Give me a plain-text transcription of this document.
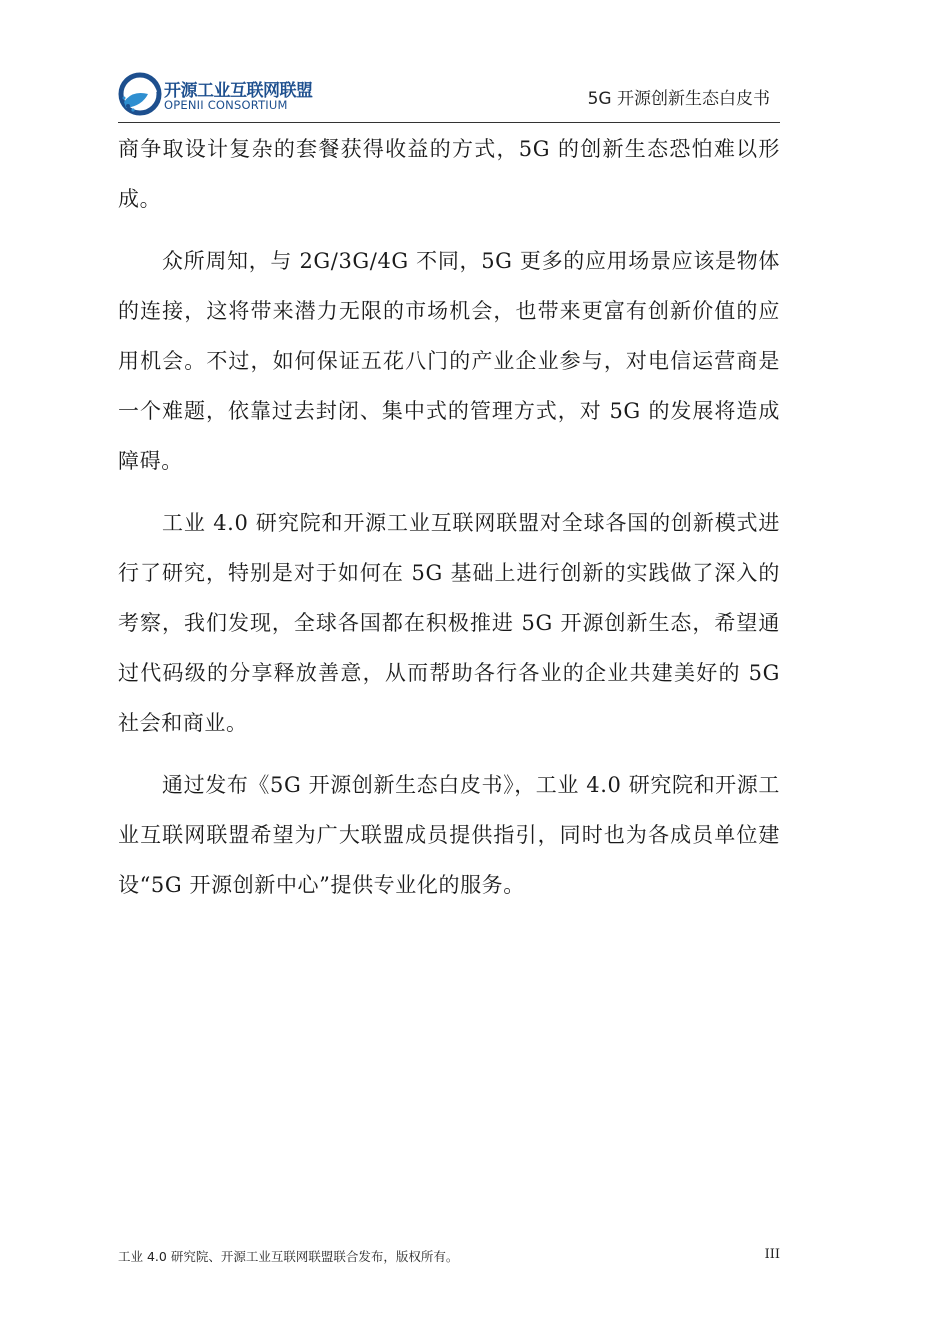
开源工业互联网联盟
OPENII CONSORTIUM	5G 开源创新生态白皮书

商争取设计复杂的套餐获得收益的方式，5G 的创新生态恐怕难以形成。

众所周知，与 2G/3G/4G 不同，5G 更多的应用场景应该是物体的连接，这将带来潜力无限的市场机会，也带来更富有创新价值的应用机会。不过，如何保证五花八门的产业企业参与，对电信运营商是一个难题，依靠过去封闭、集中式的管理方式，对 5G 的发展将造成障碍。

工业 4.0 研究院和开源工业互联网联盟对全球各国的创新模式进行了研究，特别是对于如何在 5G 基础上进行创新的实践做了深入的考察，我们发现，全球各国都在积极推进 5G 开源创新生态，希望通过代码级的分享释放善意，从而帮助各行各业的企业共建美好的 5G 社会和商业。

通过发布《5G 开源创新生态白皮书》，工业 4.0 研究院和开源工业互联网联盟希望为广大联盟成员提供指引，同时也为各成员单位建设“5G 开源创新中心”提供专业化的服务。

工业 4.0 研究院、开源工业互联网联盟联合发布，版权所有。	III
